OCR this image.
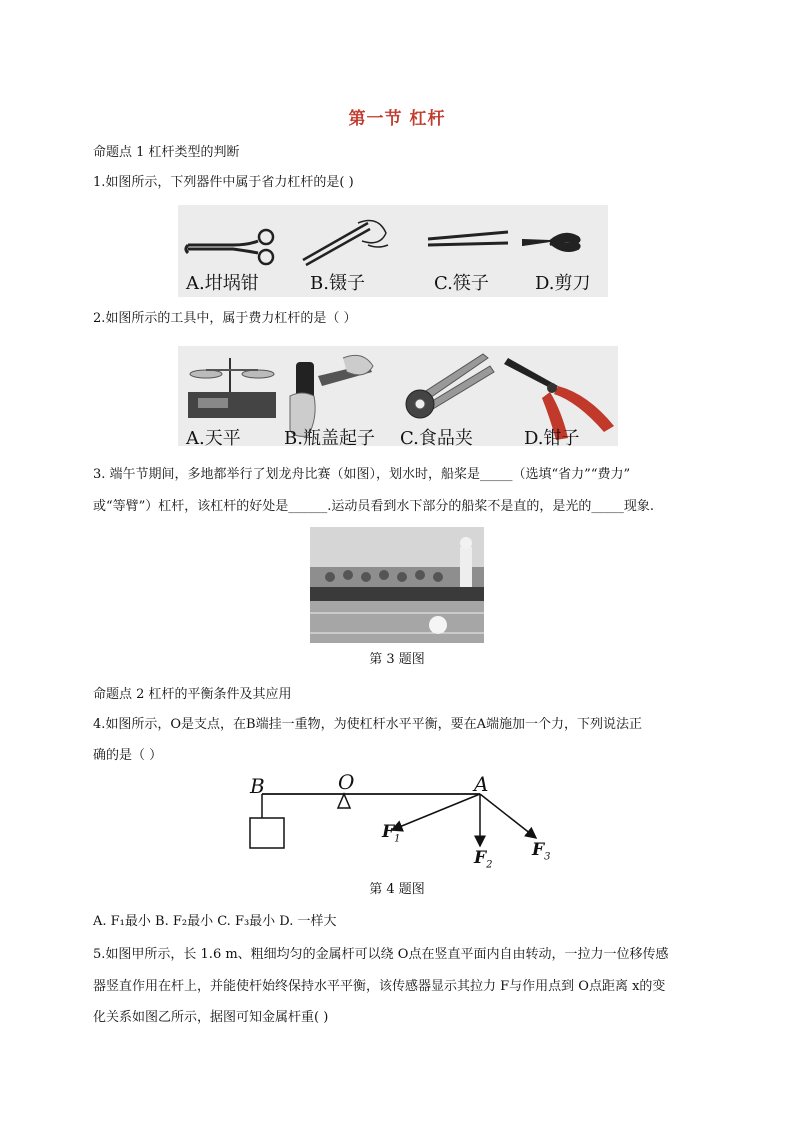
第一节 杠杆
命题点 1 杠杆类型的判断
1.如图所示，下列器件中属于省力杠杆的是( )
A.坩埚钳	B.镊子	C.筷子	D.剪刀
2.如图所示的工具中，属于费力杠杆的是（ ）
A.天平 B.瓶盖起子 C.食品夹	D.钳子
3. 端午节期间，多地都举行了划龙舟比赛（如图），划水时，船桨是_____（选填“省力”“费力”
或“等臂”）杠杆，该杠杆的好处是______.运动员看到水下部分的船桨不是直的，是光的_____现象.
第 3 题图
命题点 2 杠杆的平衡条件及其应用
4.如图所示，O是支点，在B端挂一重物，为使杠杆水平平衡，要在A端施加一个力，下列说法正
确的是（ ）
B	O	A
$F_1$
$F_2$
$F_3$
第 4 题图
A. F₁最小 B. F₂最小 C. F₃最小 D. 一样大
5.如图甲所示，长 1.6 m、粗细均匀的金属杆可以绕 O点在竖直平面内自由转动，一拉力一位移传感
器竖直作用在杆上，并能使杆始终保持水平平衡，该传感器显示其拉力 F与作用点到 O点距离 x的变
化关系如图乙所示，据图可知金属杆重( )
